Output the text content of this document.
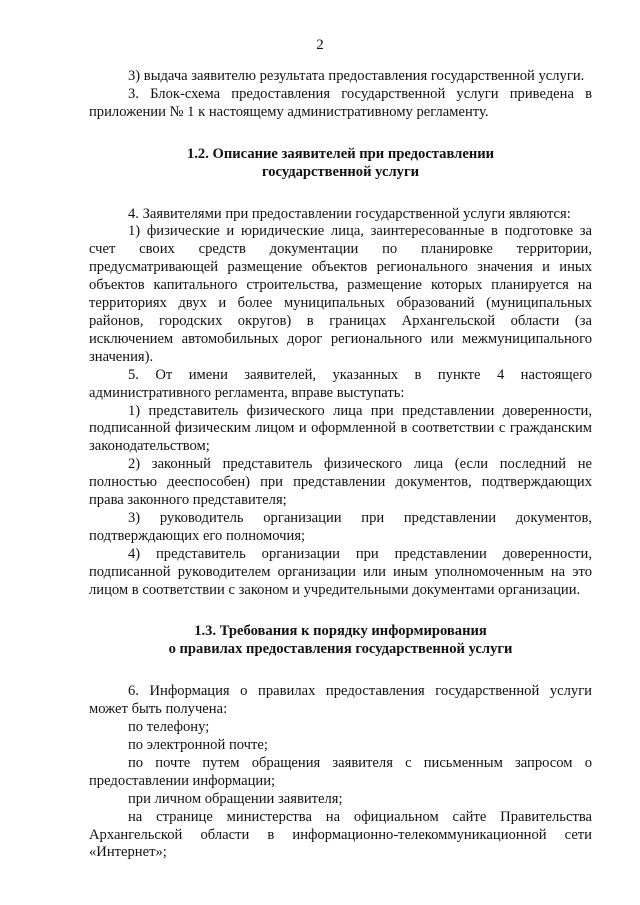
2

3) выдача заявителю результата предоставления государственной услуги.

3. Блок-схема предоставления государственной услуги приведена в приложении № 1 к настоящему административному регламенту.

1.2. Описание заявителей при предоставлении
государственной услуги

4. Заявителями при предоставлении государственной услуги являются:

1) физические и юридические лица, заинтересованные в подготовке за счет своих средств документации по планировке территории, предусматривающей размещение объектов регионального значения и иных объектов капитального строительства, размещение которых планируется на территориях двух и более муниципальных образований (муниципальных районов, городских округов) в границах Архангельской области (за исключением автомобильных дорог регионального или межмуниципального значения).

5. От имени заявителей, указанных в пункте 4 настоящего административного регламента, вправе выступать:

1) представитель физического лица при представлении доверенности, подписанной физическим лицом и оформленной в соответствии с гражданским законодательством;

2) законный представитель физического лица (если последний не полностью дееспособен) при представлении документов, подтверждающих права законного представителя;

3) руководитель организации при представлении документов, подтверждающих его полномочия;

4) представитель организации при представлении доверенности, подписанной руководителем организации или иным уполномоченным на это лицом в соответствии с законом и учредительными документами организации.

1.3. Требования к порядку информирования
о правилах предоставления государственной услуги

6. Информация о правилах предоставления государственной услуги может быть получена:

по телефону;

по электронной почте;

по почте путем обращения заявителя с письменным запросом о предоставлении информации;

при личном обращении заявителя;

на странице министерства на официальном сайте Правительства Архангельской области в информационно-телекоммуникационной сети «Интернет»;
